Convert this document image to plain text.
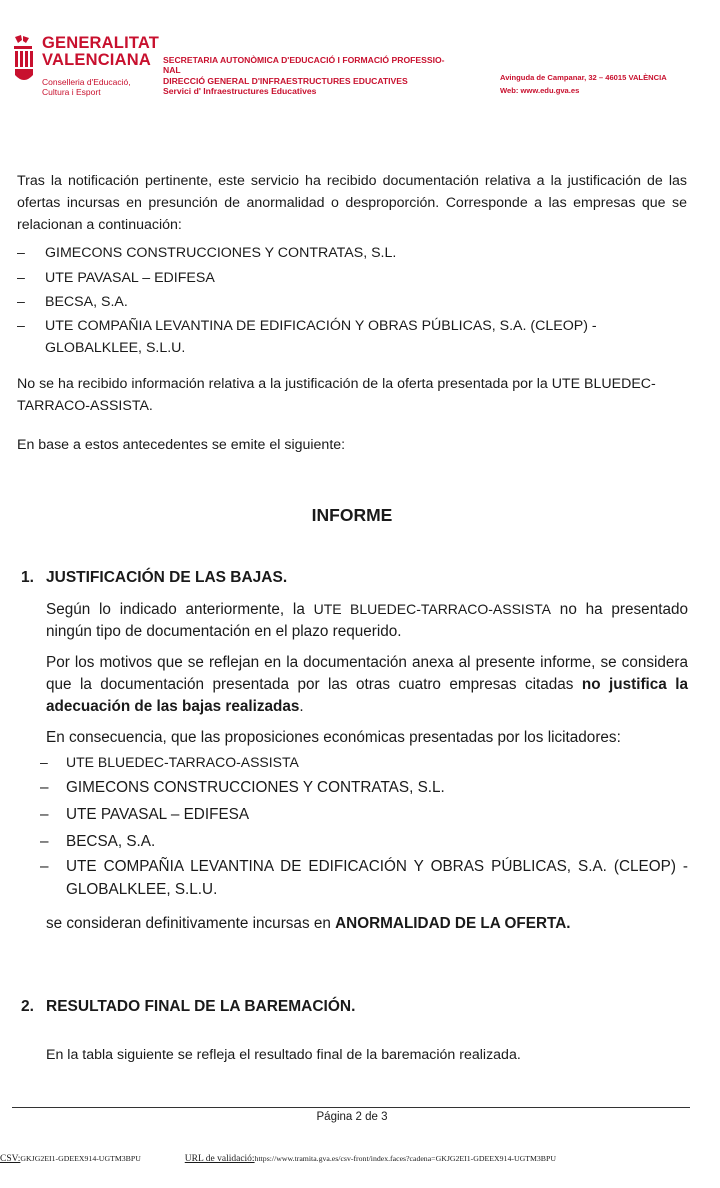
GENERALITAT
VALENCIANA
Conselleria d'Educació,
Cultura i Esport
SECRETARIA AUTONÒMICA D'EDUCACIÓ I FORMACIÓ PROFESSIO-
NAL
DIRECCIÓ GENERAL D'INFRAESTRUCTURES EDUCATIVES
Servici d' Infraestructures Educatives
Avinguda de Campanar, 32 – 46015 VALÈNCIA
Web: www.edu.gva.es
Tras la notificación pertinente, este servicio ha recibido documentación relativa a la justificación de las ofertas incursas en presunción de anormalidad o desproporción. Corresponde a las empresas que se relacionan a continuación:
–	GIMECONS CONSTRUCCIONES Y CONTRATAS, S.L.
–	UTE PAVASAL – EDIFESA
–	BECSA, S.A.
–	UTE COMPAÑIA LEVANTINA DE EDIFICACIÓN Y OBRAS PÚBLICAS, S.A. (CLEOP) - GLOBALKLEE, S.L.U.
No se ha recibido información relativa a la justificación de la oferta presentada por la UTE BLUEDEC-TARRACO-ASSISTA.
En base a estos antecedentes se emite el siguiente:
INFORME
1. JUSTIFICACIÓN DE LAS BAJAS.
Según lo indicado anteriormente, la UTE BLUEDEC-TARRACO-ASSISTA no ha presentado ningún tipo de documentación en el plazo requerido.
Por los motivos que se reflejan en la documentación anexa al presente informe, se considera que la documentación presentada por las otras cuatro empresas citadas no justifica la adecuación de las bajas realizadas.
En consecuencia, que las proposiciones económicas presentadas por los licitadores:
–	UTE BLUEDEC-TARRACO-ASSISTA
–	GIMECONS CONSTRUCCIONES Y CONTRATAS, S.L.
–	UTE PAVASAL – EDIFESA
–	BECSA, S.A.
–	UTE COMPAÑIA LEVANTINA DE EDIFICACIÓN Y OBRAS PÚBLICAS, S.A. (CLEOP) - GLOBALKLEE, S.L.U.
se consideran definitivamente incursas en ANORMALIDAD DE LA OFERTA.
2. RESULTADO FINAL DE LA BAREMACIÓN.
En la tabla siguiente se refleja el resultado final de la baremación realizada.
Página 2 de 3
CSV:GKJG2EI1-GDEEX914-UGTM3BPU	URL de validació:https://www.tramita.gva.es/csv-front/index.faces?cadena=GKJG2EI1-GDEEX914-UGTM3BPU
